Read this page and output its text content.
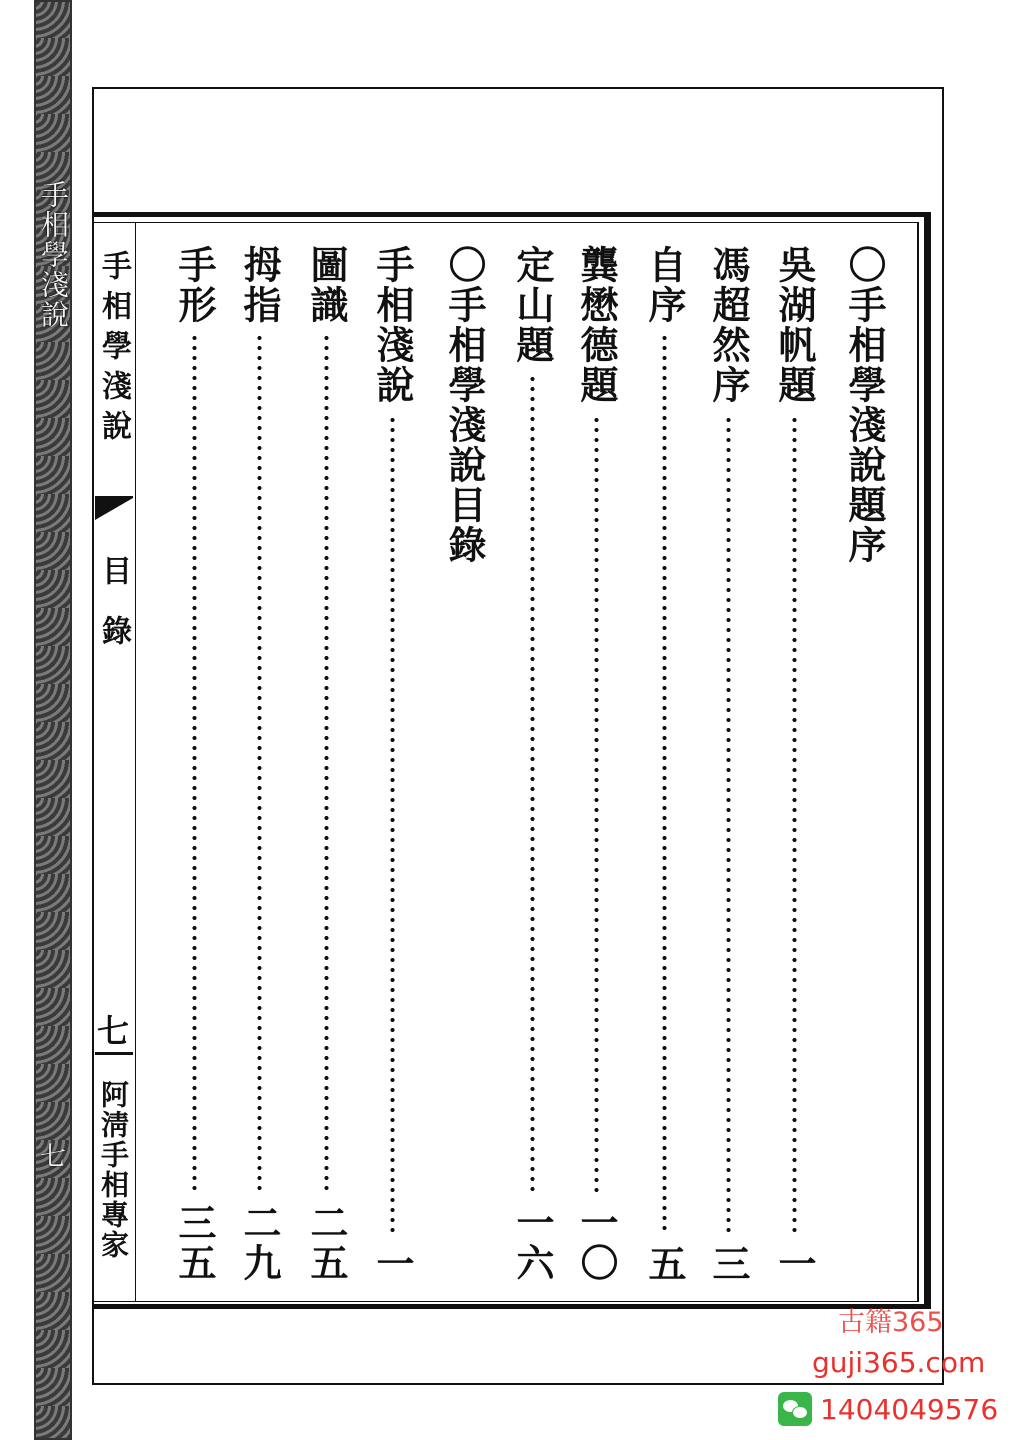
手相學淺說
七
手相學淺說
目錄
七
阿淸手相專家
〇手相學淺說題序
吳湖帆題
一
馮超然序
三
自序
五
龔懋德題
一〇
定山題
一六
〇手相學淺說目錄
手相淺說
一
圖識
二五
拇指
二九
手形
三五
古籍365
guji365.com
1404049576
